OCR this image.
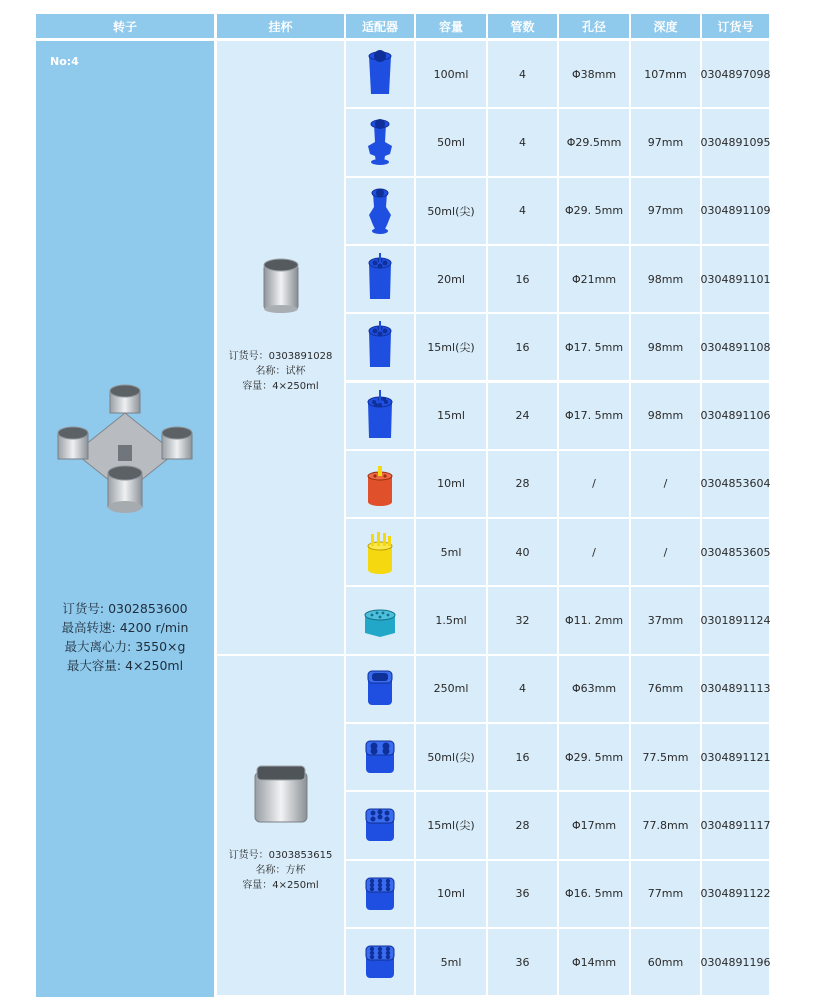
转子	挂杯	适配器	容量	管数	孔径	深度	订货号
No:4
订货号: 0302853600
最高转速: 4200 r/min
最大离心力: 3550×g
最大容量: 4×250ml
订货号：0303891028
名称：试杯
容量：4×250ml
订货号：0303853615
名称：方杯
容量：4×250ml
100ml	4	Φ38mm	107mm	0304897098
50ml	4	Φ29.5mm	97mm	0304891095
50ml(尖)	4	Φ29. 5mm	97mm	0304891109
20ml	16	Φ21mm	98mm	0304891101
15ml(尖)	16	Φ17. 5mm	98mm	0304891108
15ml	24	Φ17. 5mm	98mm	0304891106
10ml	28	/	/	0304853604
5ml	40	/	/	0304853605
1.5ml	32	Φ11. 2mm	37mm	0301891124
250ml	4	Φ63mm	76mm	0304891113
50ml(尖)	16	Φ29. 5mm	77.5mm	0304891121
15ml(尖)	28	Φ17mm	77.8mm	0304891117
10ml	36	Φ16. 5mm	77mm	0304891122
5ml	36	Φ14mm	60mm	0304891196
